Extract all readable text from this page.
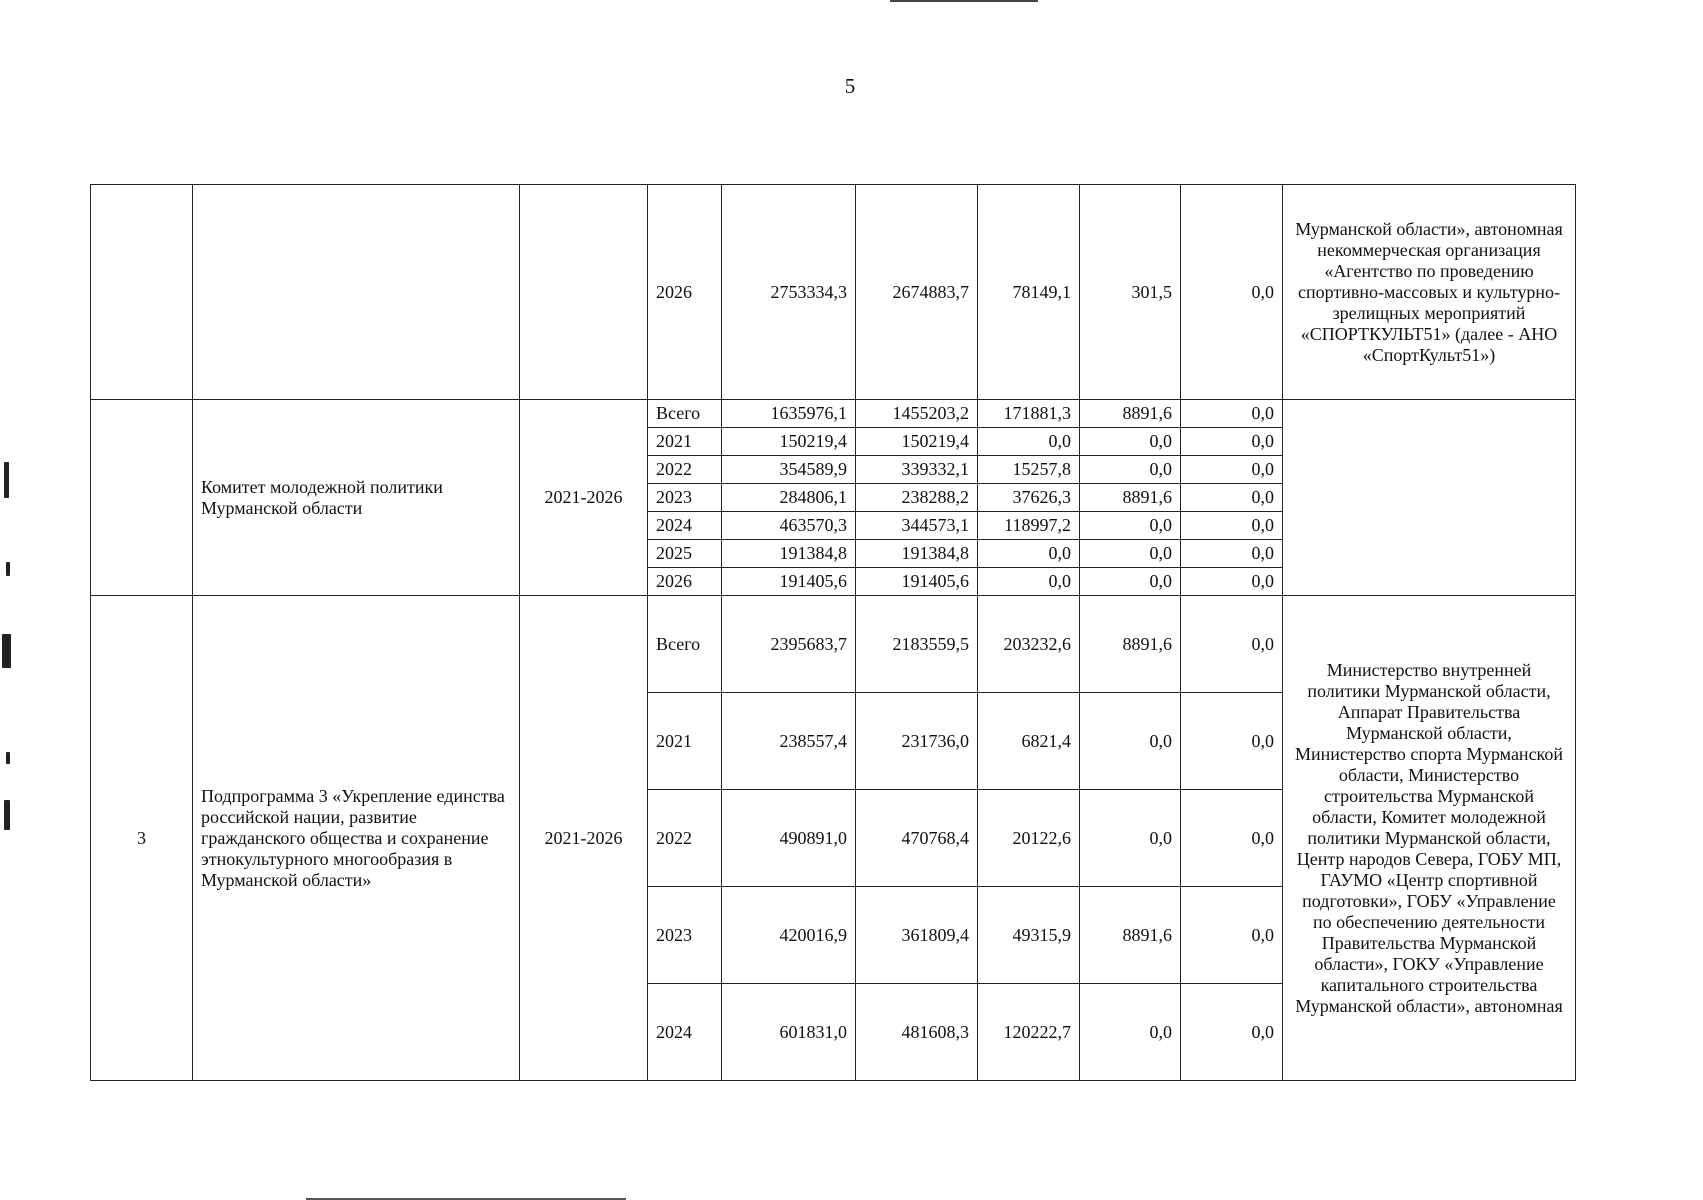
5
			2026	2753334,3	2674883,7	78149,1	301,5	0,0	Мурманской области», автономная некоммерческая организация «Агентство по проведению спортивно-массовых и культурно-зрелищных мероприятий «СПОРТКУЛЬТ51» (далее - АНО «СпортКульт51»)
	Комитет молодежной политики Мурманской области	2021-2026	Всего	1635976,1	1455203,2	171881,3	8891,6	0,0	
			2021	150219,4	150219,4	0,0	0,0	0,0	
			2022	354589,9	339332,1	15257,8	0,0	0,0	
			2023	284806,1	238288,2	37626,3	8891,6	0,0	
			2024	463570,3	344573,1	118997,2	0,0	0,0	
			2025	191384,8	191384,8	0,0	0,0	0,0	
			2026	191405,6	191405,6	0,0	0,0	0,0	
3	Подпрограмма 3 «Укрепление единства российской нации, развитие гражданского общества и сохранение этнокультурного многообразия в Мурманской области»	2021-2026	Всего	2395683,7	2183559,5	203232,6	8891,6	0,0	Министерство внутренней политики Мурманской области, Аппарат Правительства Мурманской области, Министерство спорта Мурманской области, Министерство строительства Мурманской области, Комитет молодежной политики Мурманской области, Центр народов Севера, ГОБУ МП, ГАУМО «Центр спортивной подготовки», ГОБУ «Управление по обеспечению деятельности Правительства Мурманской области», ГОКУ «Управление капитального строительства Мурманской области», автономная
			2021	238557,4	231736,0	6821,4	0,0	0,0	
			2022	490891,0	470768,4	20122,6	0,0	0,0	
			2023	420016,9	361809,4	49315,9	8891,6	0,0	
			2024	601831,0	481608,3	120222,7	0,0	0,0	
